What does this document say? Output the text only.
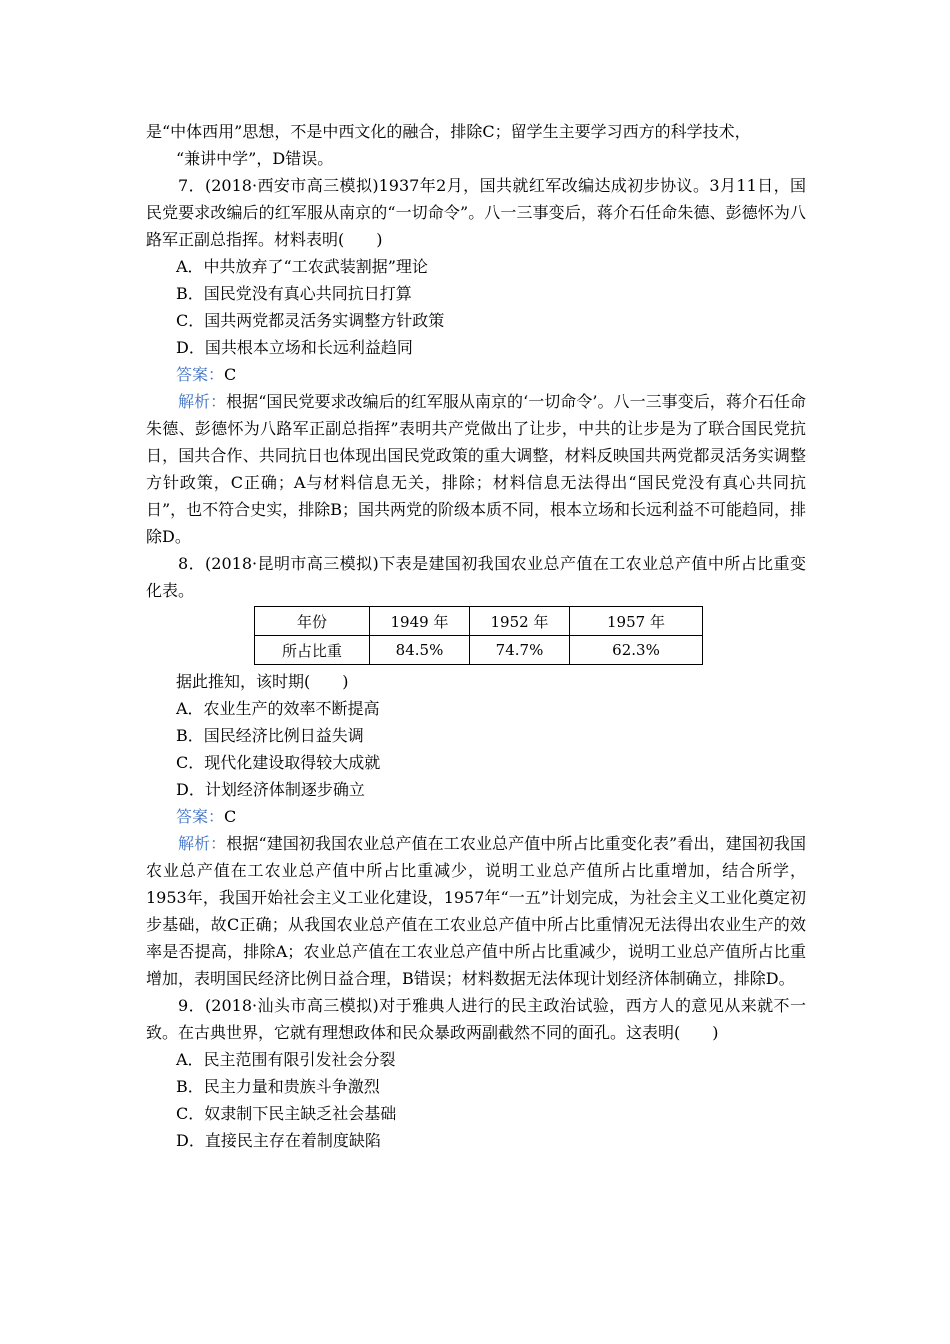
是“中体西用”思想，不是中西文化的融合，排除C；留学生主要学习西方的科学技术，

“兼讲中学”，D错误。

7．(2018·西安市高三模拟)1937年2月，国共就红军改编达成初步协议。3月11日，国民党要求改编后的红军服从南京的“一切命令”。八一三事变后，蒋介石任命朱德、彭德怀为八路军正副总指挥。材料表明(　　)

A．中共放弃了“工农武装割据”理论

B．国民党没有真心共同抗日打算

C．国共两党都灵活务实调整方针政策

D．国共根本立场和长远利益趋同

答案：C

解析：根据“国民党要求改编后的红军服从南京的‘一切命令’。八一三事变后，蒋介石任命朱德、彭德怀为八路军正副总指挥”表明共产党做出了让步，中共的让步是为了联合国民党抗日，国共合作、共同抗日也体现出国民党政策的重大调整，材料反映国共两党都灵活务实调整方针政策，C正确；A与材料信息无关，排除；材料信息无法得出“国民党没有真心共同抗日”，也不符合史实，排除B；国共两党的阶级本质不同，根本立场和长远利益不可能趋同，排除D。

8．(2018·昆明市高三模拟)下表是建国初我国农业总产值在工农业总产值中所占比重变化表。

年份	1949 年	1952 年	1957 年
所占比重	84.5%	74.7%	62.3%

据此推知，该时期(　　)

A．农业生产的效率不断提高

B．国民经济比例日益失调

C．现代化建设取得较大成就

D．计划经济体制逐步确立

答案：C

解析：根据“建国初我国农业总产值在工农业总产值中所占比重变化表”看出，建国初我国农业总产值在工农业总产值中所占比重减少，说明工业总产值所占比重增加，结合所学，1953年，我国开始社会主义工业化建设，1957年“一五”计划完成，为社会主义工业化奠定初步基础，故C正确；从我国农业总产值在工农业总产值中所占比重情况无法得出农业生产的效率是否提高，排除A；农业总产值在工农业总产值中所占比重减少，说明工业总产值所占比重增加，表明国民经济比例日益合理，B错误；材料数据无法体现计划经济体制确立，排除D。

9．(2018·汕头市高三模拟)对于雅典人进行的民主政治试验，西方人的意见从来就不一致。在古典世界，它就有理想政体和民众暴政两副截然不同的面孔。这表明(　　)

A．民主范围有限引发社会分裂

B．民主力量和贵族斗争激烈

C．奴隶制下民主缺乏社会基础

D．直接民主存在着制度缺陷
